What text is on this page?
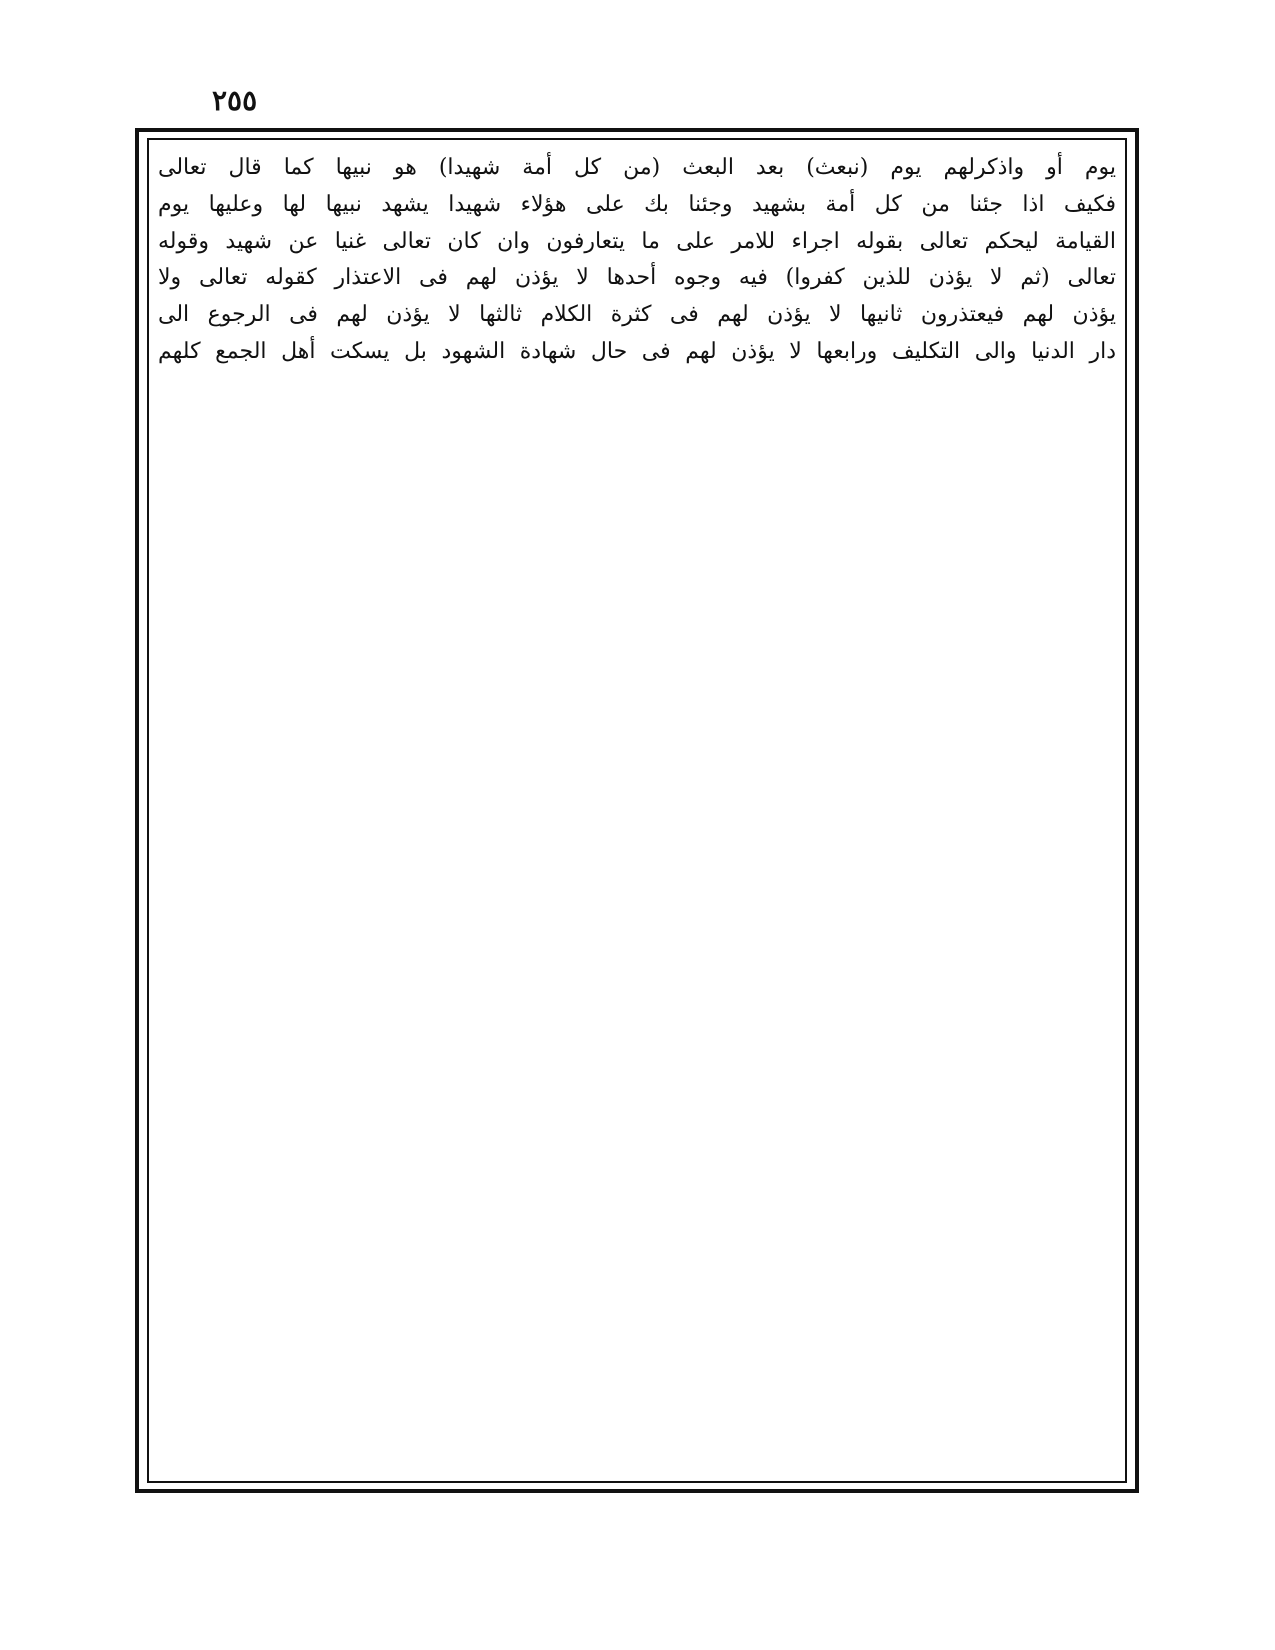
٢٥٥
يوم أو واذكرلهم يوم (نبعث) بعد البعث (من كل أمة شهيدا) هو نبيها كما قال تعالى
فكيف اذا جئنا من كل أمة بشهيد وجئنا بك على هؤلاء شهيدا يشهد نبيها لها وعليها يوم
القيامة ليحكم تعالى بقوله اجراء للامر على ما يتعارفون وان كان تعالى غنيا عن شهيد وقوله
تعالى (ثم لا يؤذن للذين كفروا) فيه وجوه أحدها لا يؤذن لهم فى الاعتذار كقوله تعالى ولا
يؤذن لهم فيعتذرون ثانيها لا يؤذن لهم فى كثرة الكلام ثالثها لا يؤذن لهم فى الرجوع الى
دار الدنيا والى التكليف ورابعها لا يؤذن لهم فى حال شهادة الشهود بل يسكت أهل الجمع كلهم
